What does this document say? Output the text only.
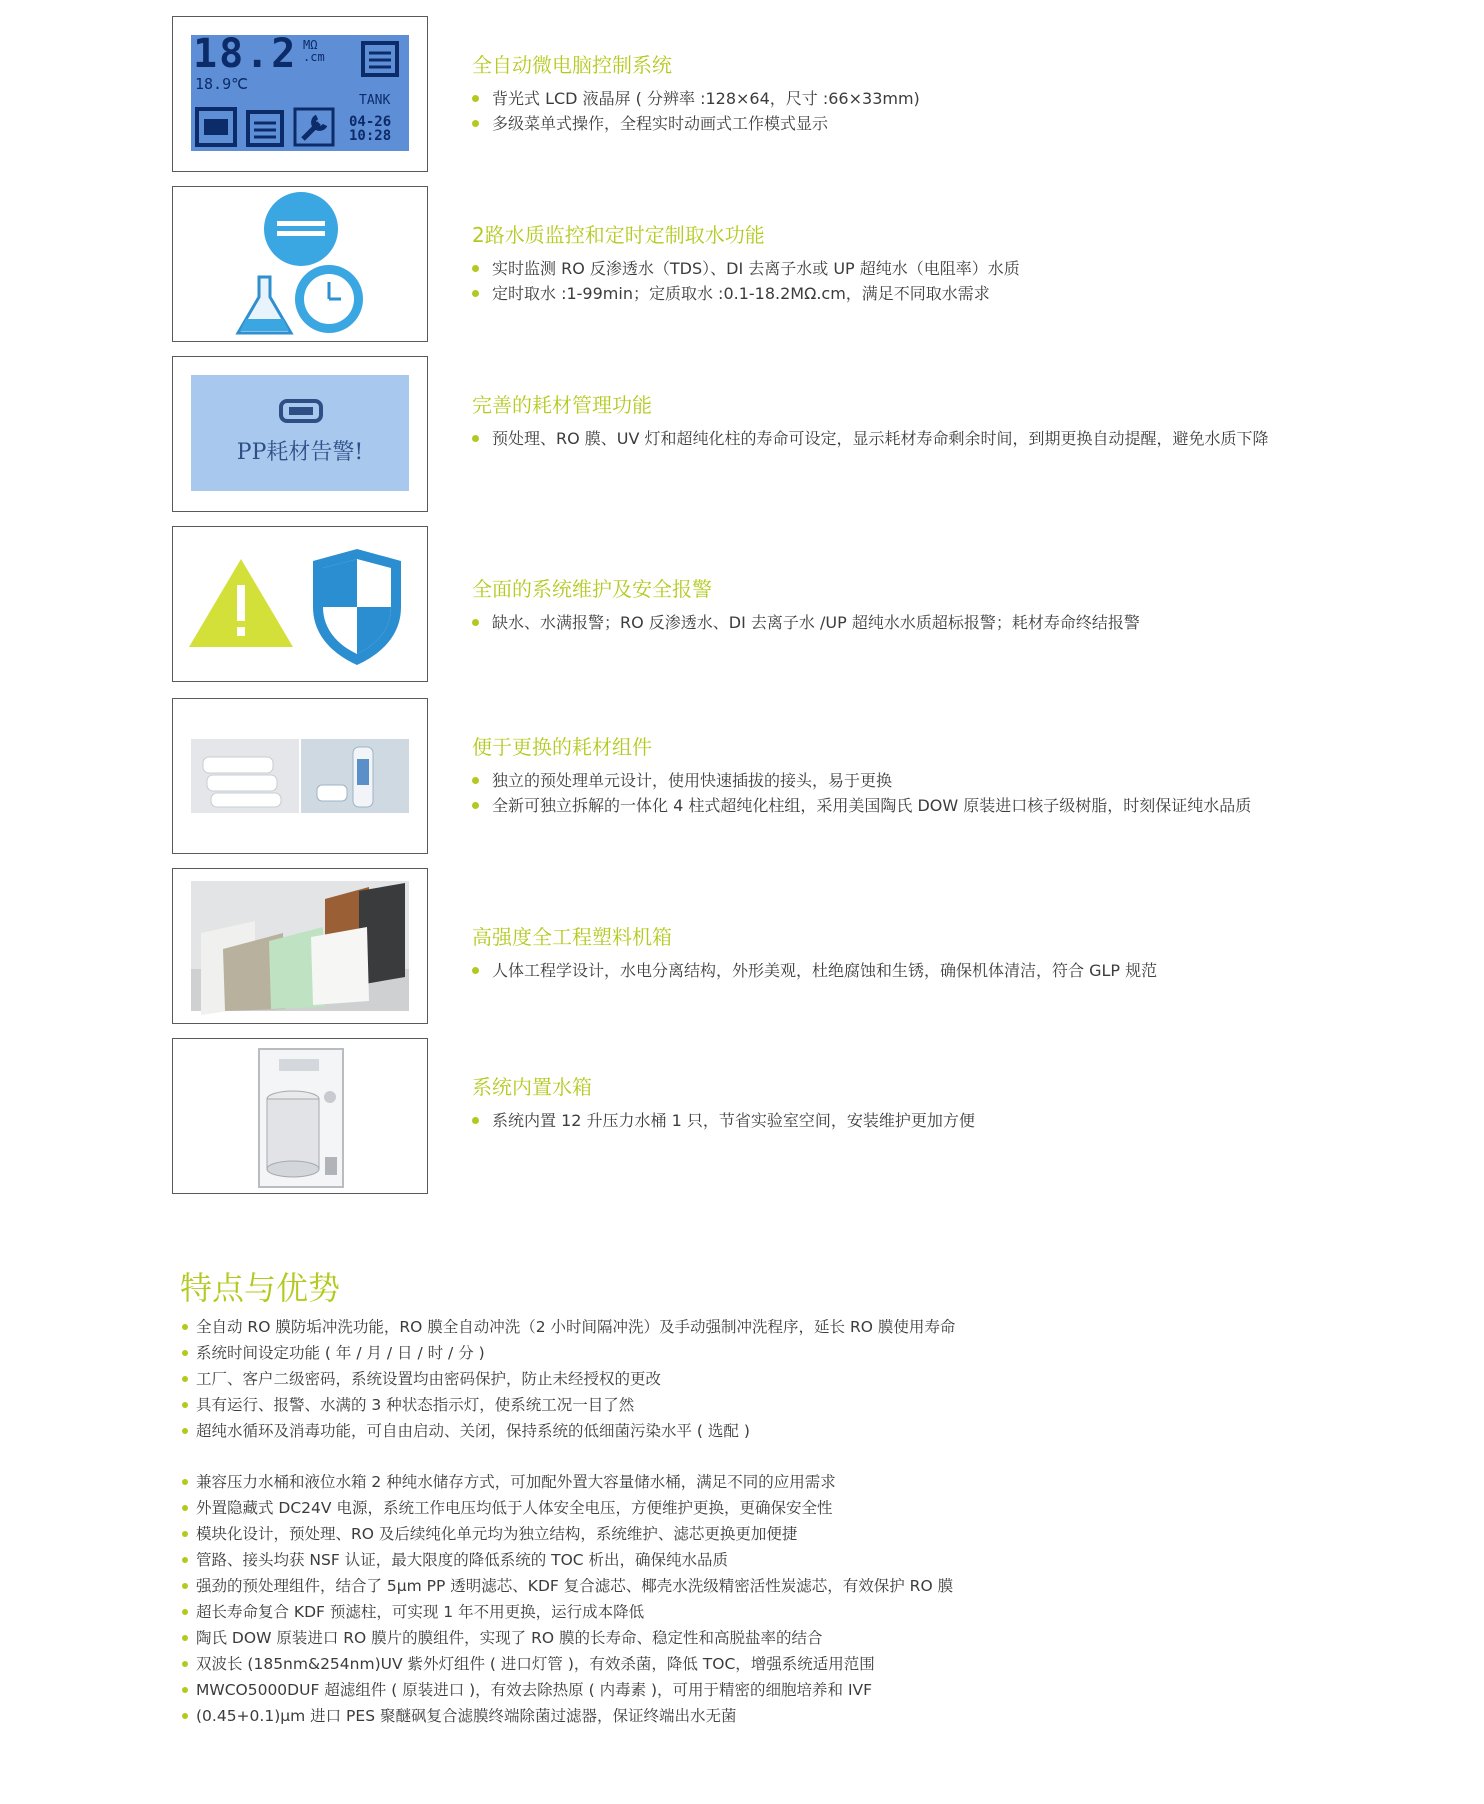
18.2 MΩ
.cm
18.9℃
TANK
04-26
10:28
全自动微电脑控制系统
背光式 LCD 液晶屏 ( 分辨率 :128×64，尺寸 :66×33mm)
多级菜单式操作，全程实时动画式工作模式显示
2路水质监控和定时定制取水功能
实时监测 RO 反渗透水（TDS）、DI 去离子水或 UP 超纯水（电阻率）水质
定时取水 :1-99min；定质取水 :0.1-18.2MΩ.cm，满足不同取水需求
PP耗材告警!
完善的耗材管理功能
预处理、RO 膜、UV 灯和超纯化柱的寿命可设定，显示耗材寿命剩余时间，到期更换自动提醒，避免水质下降
全面的系统维护及安全报警
缺水、水满报警；RO 反渗透水、DI 去离子水 /UP 超纯水水质超标报警；耗材寿命终结报警
便于更换的耗材组件
独立的预处理单元设计，使用快速插拔的接头，易于更换
全新可独立拆解的一体化 4 柱式超纯化柱组，采用美国陶氏 DOW 原装进口核子级树脂，时刻保证纯水品质
高强度全工程塑料机箱
人体工程学设计，水电分离结构，外形美观，杜绝腐蚀和生锈，确保机体清洁，符合 GLP 规范
系统内置水箱
系统内置 12 升压力水桶 1 只，节省实验室空间，安装维护更加方便
特点与优势
全自动 RO 膜防垢冲洗功能，RO 膜全自动冲洗（2 小时间隔冲洗）及手动强制冲洗程序，延长 RO 膜使用寿命
系统时间设定功能 ( 年 / 月 / 日 / 时 / 分 )
工厂、客户二级密码，系统设置均由密码保护，防止未经授权的更改
具有运行、报警、水满的 3 种状态指示灯，使系统工况一目了然
超纯水循环及消毒功能，可自由启动、关闭，保持系统的低细菌污染水平 ( 选配 )
兼容压力水桶和液位水箱 2 种纯水储存方式，可加配外置大容量储水桶，满足不同的应用需求
外置隐藏式 DC24V 电源，系统工作电压均低于人体安全电压，方便维护更换，更确保安全性
模块化设计，预处理、RO 及后续纯化单元均为独立结构，系统维护、滤芯更换更加便捷
管路、接头均获 NSF 认证，最大限度的降低系统的 TOC 析出，确保纯水品质
强劲的预处理组件，结合了 5μm PP 透明滤芯、KDF 复合滤芯、椰壳水洗级精密活性炭滤芯，有效保护 RO 膜
超长寿命复合 KDF 预滤柱，可实现 1 年不用更换，运行成本降低
陶氏 DOW 原装进口 RO 膜片的膜组件，实现了 RO 膜的长寿命、稳定性和高脱盐率的结合
双波长 (185nm&254nm)UV 紫外灯组件 ( 进口灯管 )，有效杀菌，降低 TOC，增强系统适用范围
MWCO5000DUF 超滤组件 ( 原装进口 )，有效去除热原 ( 内毒素 )，可用于精密的细胞培养和 IVF
(0.45+0.1)μm 进口 PES 聚醚砜复合滤膜终端除菌过滤器，保证终端出水无菌
